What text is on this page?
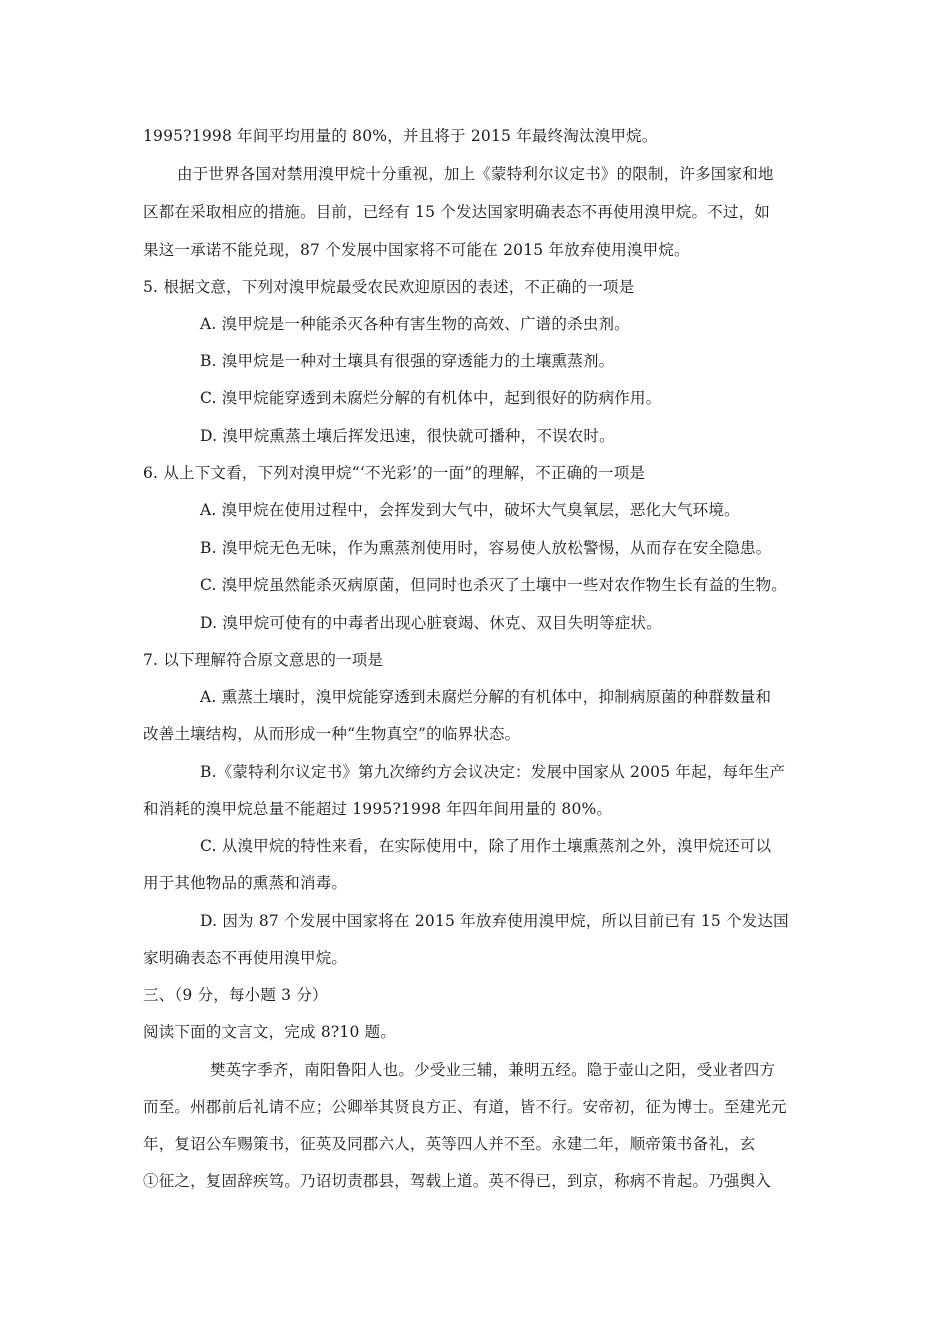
1995?1998 年间平均用量的 80%，并且将于 2015 年最终淘汰溴甲烷。
由于世界各国对禁用溴甲烷十分重视，加上《蒙特利尔议定书》的限制，许多国家和地
区都在采取相应的措施。目前，已经有 15 个发达国家明确表态不再使用溴甲烷。不过，如
果这一承诺不能兑现，87 个发展中国家将不可能在 2015 年放弃使用溴甲烷。
5. 根据文意，下列对溴甲烷最受农民欢迎原因的表述，不正确的一项是
A. 溴甲烷是一种能杀灭各种有害生物的高效、广谱的杀虫剂。
B. 溴甲烷是一种对土壤具有很强的穿透能力的土壤熏蒸剂。
C. 溴甲烷能穿透到未腐烂分解的有机体中，起到很好的防病作用。
D. 溴甲烷熏蒸土壤后挥发迅速，很快就可播种，不误农时。
6. 从上下文看，下列对溴甲烷“‘不光彩’的一面”的理解，不正确的一项是
A. 溴甲烷在使用过程中，会挥发到大气中，破坏大气臭氧层，恶化大气环境。
B. 溴甲烷无色无味，作为熏蒸剂使用时，容易使人放松警惕，从而存在安全隐患。
C. 溴甲烷虽然能杀灭病原菌，但同时也杀灭了土壤中一些对农作物生长有益的生物。
D. 溴甲烷可使有的中毒者出现心脏衰竭、休克、双目失明等症状。
7. 以下理解符合原文意思的一项是
A. 熏蒸土壤时，溴甲烷能穿透到未腐烂分解的有机体中，抑制病原菌的种群数量和
改善土壤结构，从而形成一种“生物真空”的临界状态。
B.《蒙特利尔议定书》第九次缔约方会议决定：发展中国家从 2005 年起，每年生产
和消耗的溴甲烷总量不能超过 1995?1998 年四年间用量的 80%。
C. 从溴甲烷的特性来看，在实际使用中，除了用作土壤熏蒸剂之外，溴甲烷还可以
用于其他物品的熏蒸和消毒。
D. 因为 87 个发展中国家将在 2015 年放弃使用溴甲烷，所以目前已有 15 个发达国
家明确表态不再使用溴甲烷。
三、（9 分，每小题 3 分）
阅读下面的文言文，完成 8?10 题。
樊英字季齐，南阳鲁阳人也。少受业三辅，兼明五经。隐于壶山之阳，受业者四方
而至。州郡前后礼请不应；公卿举其贤良方正、有道，皆不行。安帝初，征为博士。至建光元
年，复诏公车赐策书，征英及同郡六人，英等四人并不至。永建二年，顺帝策书备礼，玄
①征之，复固辞疾笃。乃诏切责郡县，驾载上道。英不得已，到京，称病不肯起。乃强舆入
